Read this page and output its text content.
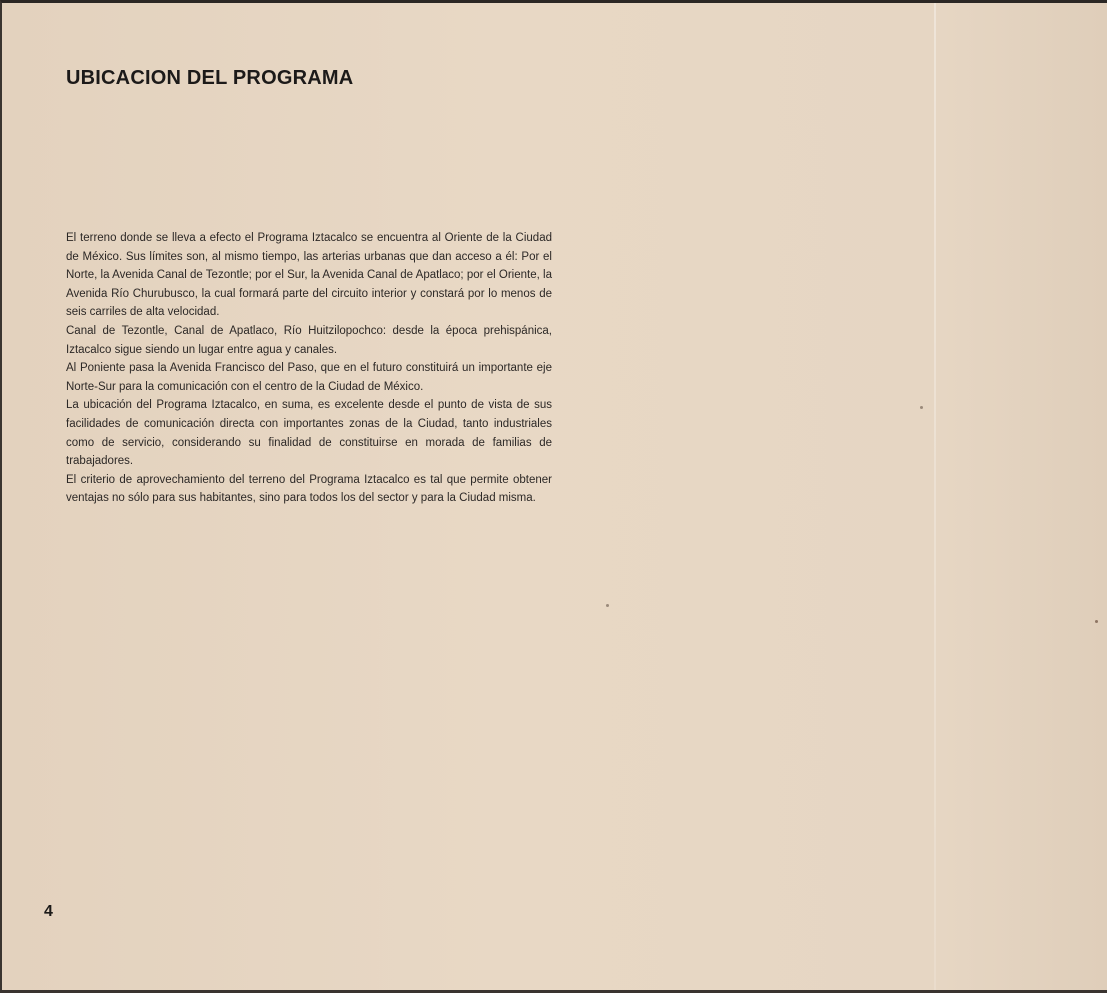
UBICACION DEL PROGRAMA

El terreno donde se lleva a efecto el Programa Iztacalco se encuentra al Oriente de la Ciudad de México. Sus límites son, al mismo tiempo, las arterias urbanas que dan acceso a él: Por el Norte, la Avenida Canal de Tezontle; por el Sur, la Avenida Canal de Apatlaco; por el Oriente, la Avenida Río Churubusco, la cual formará parte del circuito interior y constará por lo menos de seis carriles de alta velocidad.

Canal de Tezontle, Canal de Apatlaco, Río Huitzilopochco: desde la época prehispánica, Iztacalco sigue siendo un lugar entre agua y canales.

Al Poniente pasa la Avenida Francisco del Paso, que en el futuro constituirá un importante eje Norte-Sur para la comunicación con el centro de la Ciudad de México.

La ubicación del Programa Iztacalco, en suma, es excelente desde el punto de vista de sus facilidades de comunicación directa con importantes zonas de la Ciudad, tanto industriales como de servicio, considerando su finalidad de constituirse en morada de familias de trabajadores.

El criterio de aprovechamiento del terreno del Programa Iztacalco es tal que permite obtener ventajas no sólo para sus habitantes, sino para todos los del sector y para la Ciudad misma.

4
